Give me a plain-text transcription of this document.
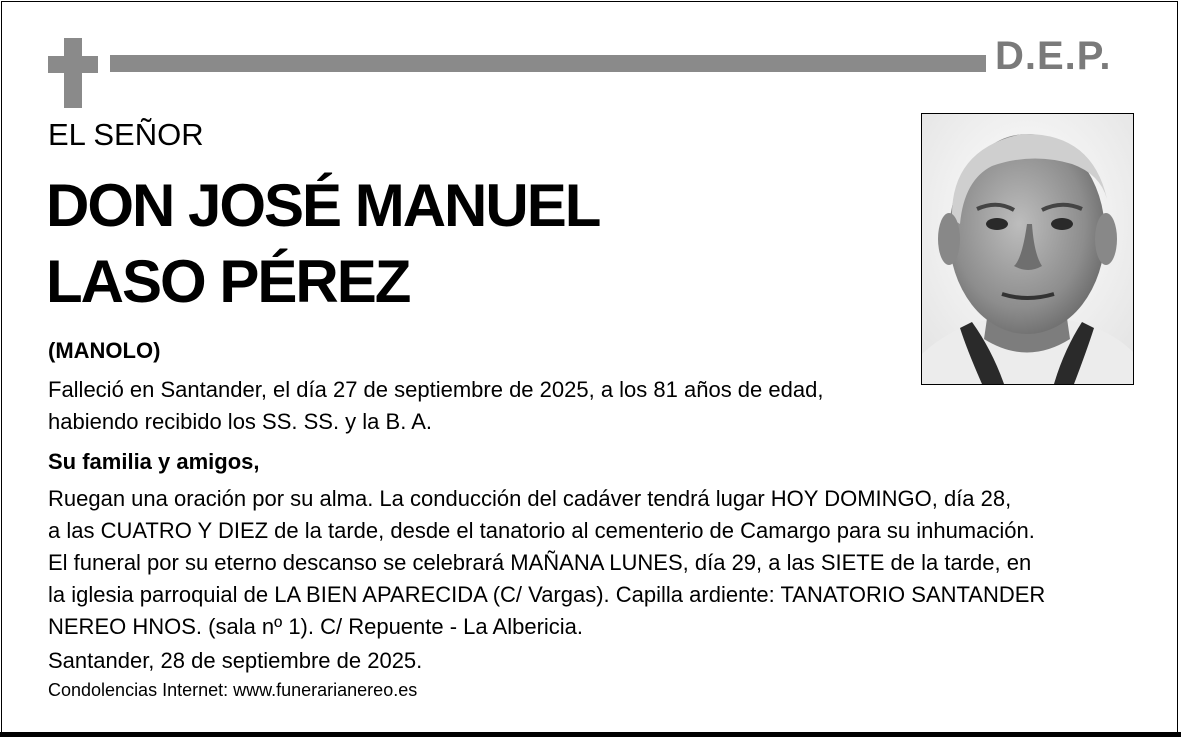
D.E.P.
EL SEÑOR
DON JOSÉ MANUEL
LASO PÉREZ
(MANOLO)
Falleció en Santander, el día 27 de septiembre de 2025, a los 81 años de edad,
habiendo recibido los SS. SS. y la B. A.
Su familia y amigos,
Ruegan una oración por su alma. La conducción del cadáver tendrá lugar HOY DOMINGO, día 28,
a las CUATRO Y DIEZ de la tarde, desde el tanatorio al cementerio de Camargo para su inhumación.
El funeral por su eterno descanso se celebrará MAÑANA LUNES, día 29, a las SIETE de la tarde, en
la iglesia parroquial de LA BIEN APARECIDA (C/ Vargas). Capilla ardiente: TANATORIO SANTANDER
NEREO HNOS. (sala nº 1). C/ Repuente - La Albericia.
Santander, 28 de septiembre de 2025.
Condolencias Internet: www.funerarianereo.es
